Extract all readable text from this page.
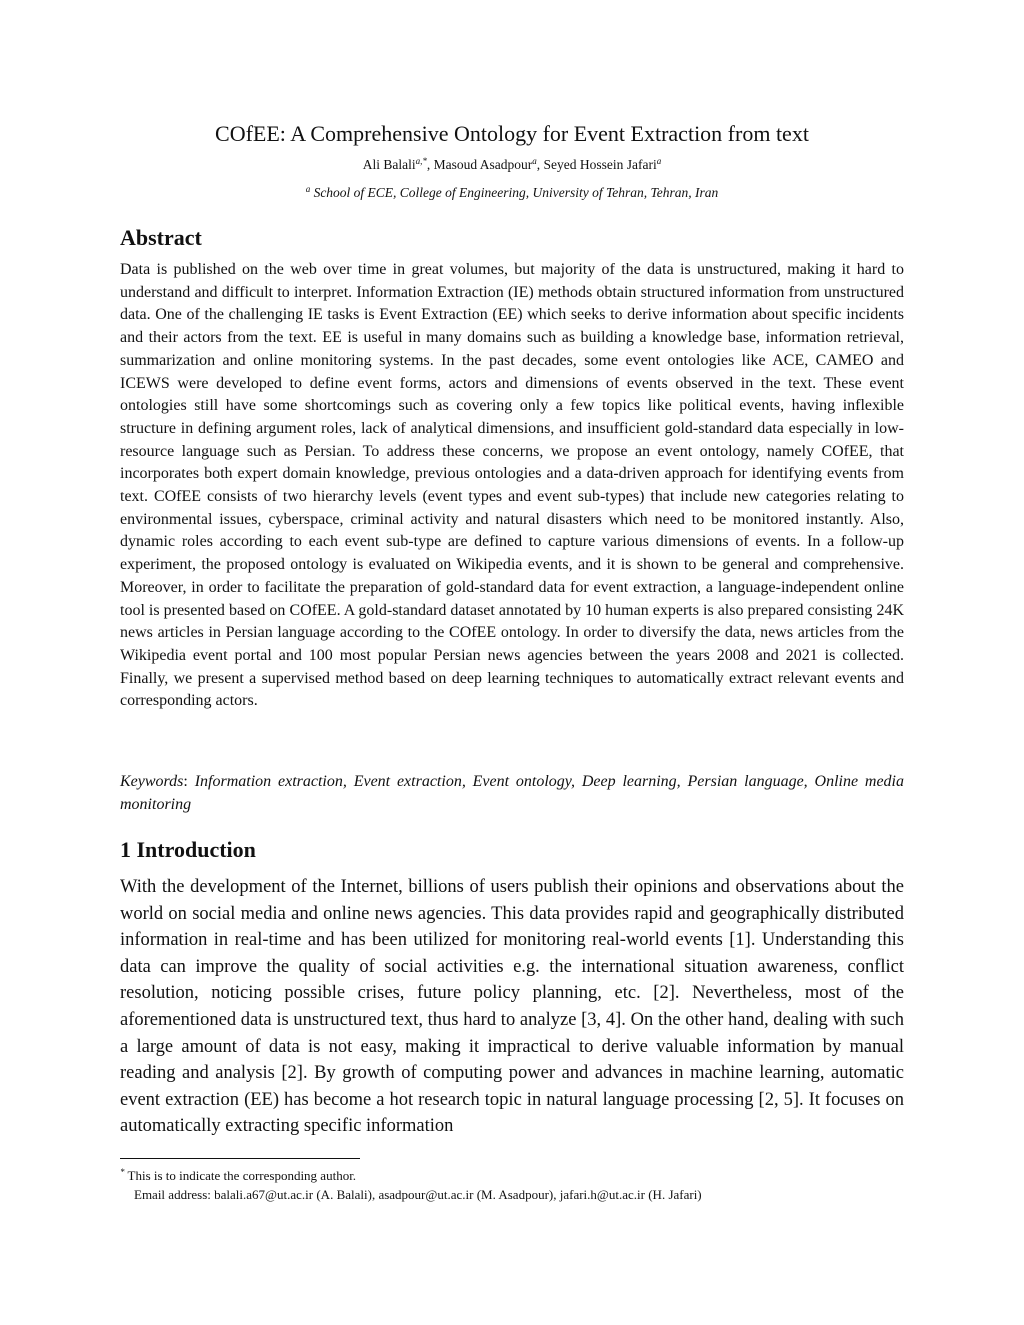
COfEE: A Comprehensive Ontology for Event Extraction from text
Ali Balali$^{a,*}$, Masoud Asadpour$^a$, Seyed Hossein Jafari$^a$
$^a$ School of ECE, College of Engineering, University of Tehran, Tehran, Iran
Abstract
Data is published on the web over time in great volumes, but majority of the data is unstructured, making it hard to understand and difficult to interpret. Information Extraction (IE) methods obtain structured information from unstructured data. One of the challenging IE tasks is Event Extraction (EE) which seeks to derive information about specific incidents and their actors from the text. EE is useful in many domains such as building a knowledge base, information retrieval, summarization and online monitoring systems. In the past decades, some event ontologies like ACE, CAMEO and ICEWS were developed to define event forms, actors and dimensions of events observed in the text. These event ontologies still have some shortcomings such as covering only a few topics like political events, having inflexible structure in defining argument roles, lack of analytical dimensions, and insufficient gold-standard data especially in low-resource language such as Persian. To address these concerns, we propose an event ontology, namely COfEE, that incorporates both expert domain knowledge, previous ontologies and a data-driven approach for identifying events from text. COfEE consists of two hierarchy levels (event types and event sub-types) that include new categories relating to environmental issues, cyberspace, criminal activity and natural disasters which need to be monitored instantly. Also, dynamic roles according to each event sub-type are defined to capture various dimensions of events. In a follow-up experiment, the proposed ontology is evaluated on Wikipedia events, and it is shown to be general and comprehensive. Moreover, in order to facilitate the preparation of gold-standard data for event extraction, a language-independent online tool is presented based on COfEE. A gold-standard dataset annotated by 10 human experts is also prepared consisting 24K news articles in Persian language according to the COfEE ontology. In order to diversify the data, news articles from the Wikipedia event portal and 100 most popular Persian news agencies between the years 2008 and 2021 is collected. Finally, we present a supervised method based on deep learning techniques to automatically extract relevant events and corresponding actors.
Keywords: Information extraction, Event extraction, Event ontology, Deep learning, Persian language, Online media monitoring
1 Introduction
With the development of the Internet, billions of users publish their opinions and observations about the world on social media and online news agencies. This data provides rapid and geographically distributed information in real-time and has been utilized for monitoring real-world events [1]. Understanding this data can improve the quality of social activities e.g. the international situation awareness, conflict resolution, noticing possible crises, future policy planning, etc. [2]. Nevertheless, most of the aforementioned data is unstructured text, thus hard to analyze [3, 4]. On the other hand, dealing with such a large amount of data is not easy, making it impractical to derive valuable information by manual reading and analysis [2]. By growth of computing power and advances in machine learning, automatic event extraction (EE) has become a hot research topic in natural language processing [2, 5]. It focuses on automatically extracting specific information
* This is to indicate the corresponding author.
Email address: balali.a67@ut.ac.ir (A. Balali), asadpour@ut.ac.ir (M. Asadpour), jafari.h@ut.ac.ir (H. Jafari)
